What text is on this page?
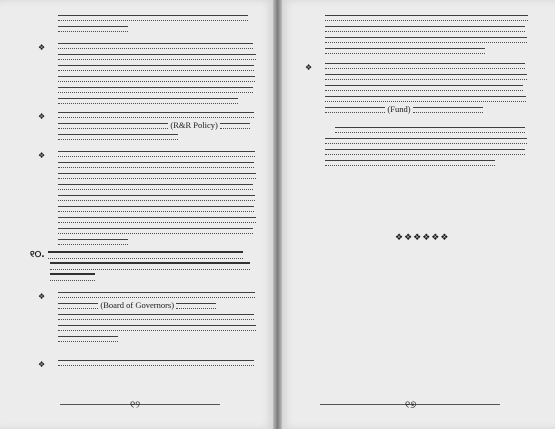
❖
❖
(R&R Policy)
❖
୧୦.
❖
(Board of Governors)
❖
୧୨
❖
(Fund)
❖❖❖❖❖❖
୧୭
